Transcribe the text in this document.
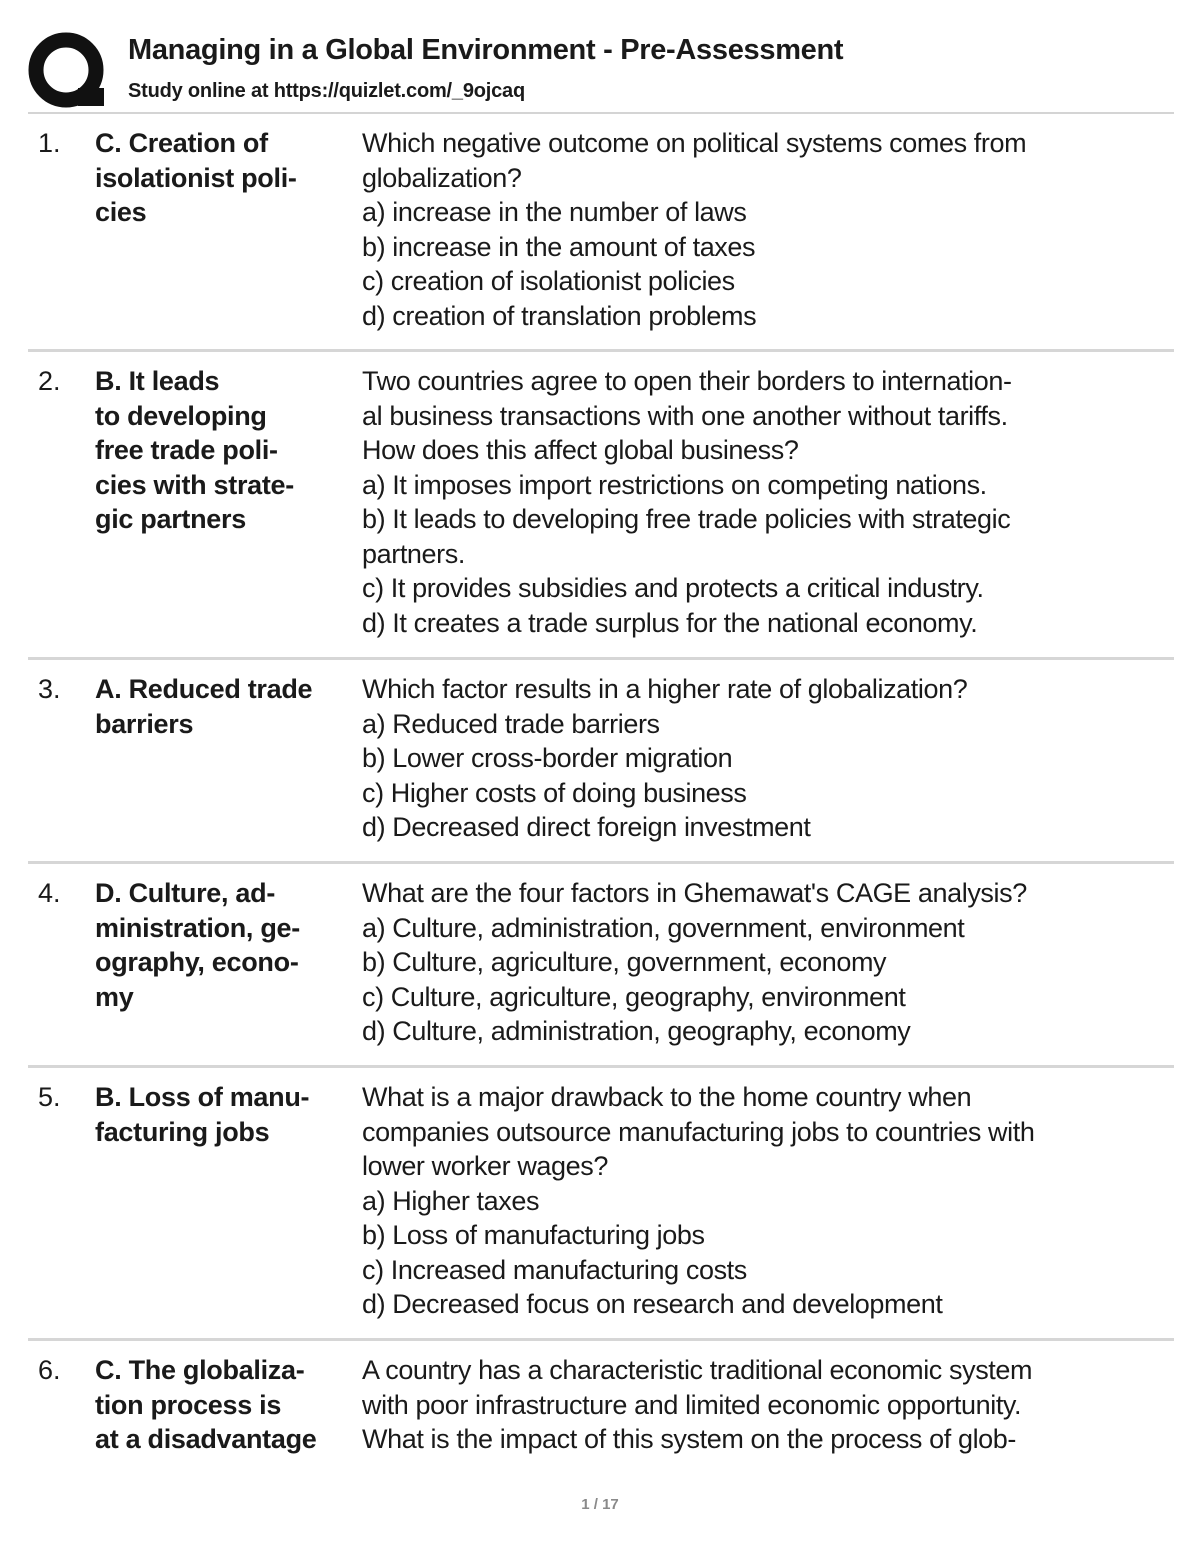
Managing in a Global Environment - Pre-Assessment
Study online at https://quizlet.com/_9ojcaq
1. C. Creation of
isolationist poli-
cies
Which negative outcome on political systems comes from
globalization?
a) increase in the number of laws
b) increase in the amount of taxes
c) creation of isolationist policies
d) creation of translation problems
2. B. It leads
to developing
free trade poli-
cies with strate-
gic partners
Two countries agree to open their borders to internation-
al business transactions with one another without tariffs.
How does this affect global business?
a) It imposes import restrictions on competing nations.
b) It leads to developing free trade policies with strategic
partners.
c) It provides subsidies and protects a critical industry.
d) It creates a trade surplus for the national economy.
3. A. Reduced trade
barriers
Which factor results in a higher rate of globalization?
a) Reduced trade barriers
b) Lower cross-border migration
c) Higher costs of doing business
d) Decreased direct foreign investment
4. D. Culture, ad-
ministration, ge-
ography, econo-
my
What are the four factors in Ghemawat's CAGE analysis?
a) Culture, administration, government, environment
b) Culture, agriculture, government, economy
c) Culture, agriculture, geography, environment
d) Culture, administration, geography, economy
5. B. Loss of manu-
facturing jobs
What is a major drawback to the home country when
companies outsource manufacturing jobs to countries with
lower worker wages?
a) Higher taxes
b) Loss of manufacturing jobs
c) Increased manufacturing costs
d) Decreased focus on research and development
6. C. The globaliza-
tion process is
at a disadvantage
A country has a characteristic traditional economic system
with poor infrastructure and limited economic opportunity.
What is the impact of this system on the process of glob-
1 / 17
